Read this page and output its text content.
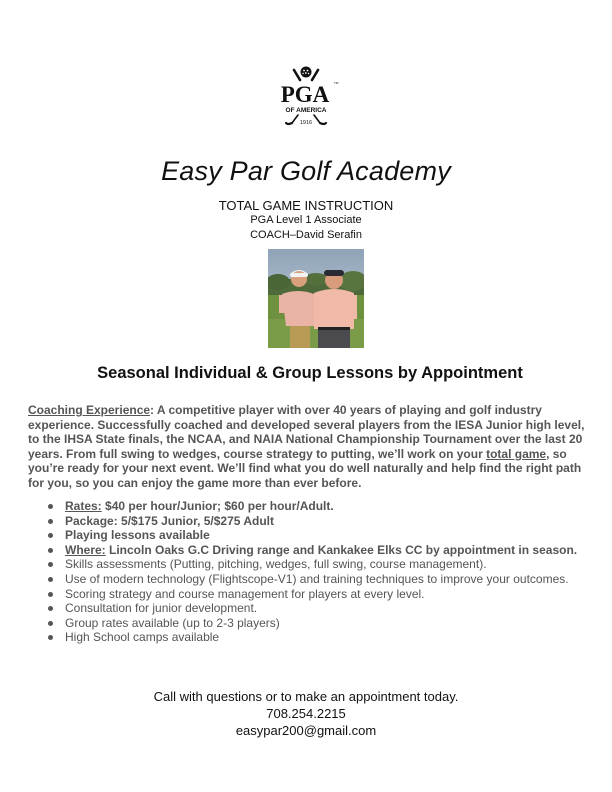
PGA TM
OF AMERICA
1916
Easy Par Golf Academy
TOTAL GAME INSTRUCTION
PGA Level 1 Associate
COACH–David Serafin
Seasonal Individual & Group Lessons by Appointment
Coaching Experience: A competitive player with over 40 years of playing and golf industry experience. Successfully coached and developed several players from the IESA Junior high level, to the IHSA State finals, the NCAA, and NAIA National Championship Tournament over the last 20 years. From full swing to wedges, course strategy to putting, we’ll work on your total game, so you’re ready for your next event. We’ll find what you do well naturally and help find the right path for you, so you can enjoy the game more than ever before.
Rates: $40 per hour/Junior; $60 per hour/Adult.
Package: 5/$175 Junior, 5/$275 Adult
Playing lessons available
Where: Lincoln Oaks G.C Driving range and Kankakee Elks CC by appointment in season.
Skills assessments (Putting, pitching, wedges, full swing, course management).
Use of modern technology (Flightscope-V1) and training techniques to improve your outcomes.
Scoring strategy and course management for players at every level.
Consultation for junior development.
Group rates available (up to 2-3 players)
High School camps available
Call with questions or to make an appointment today.
708.254.2215
easypar200@gmail.com
